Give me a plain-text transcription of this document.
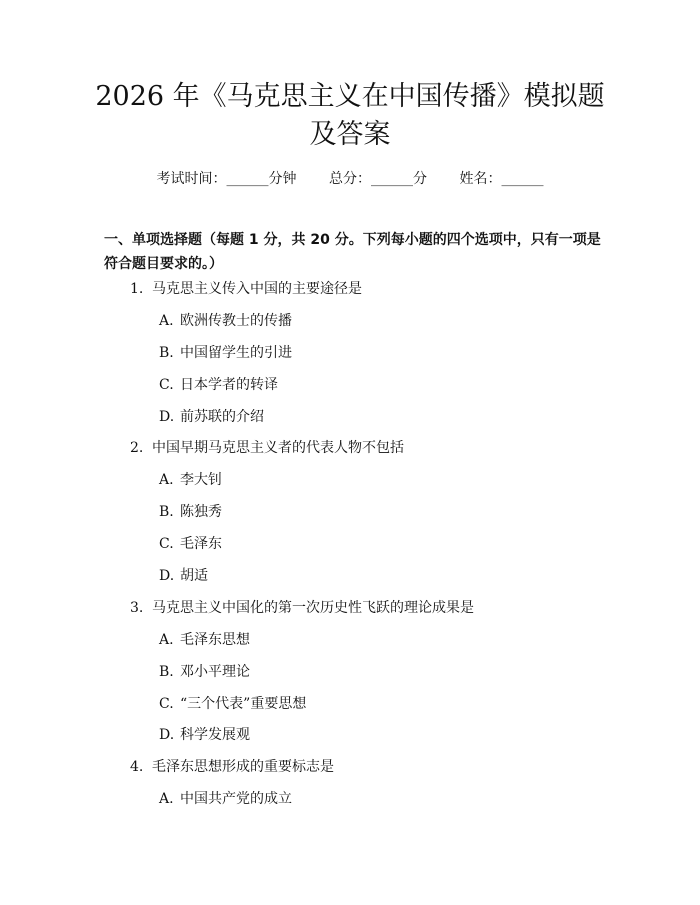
2026 年《马克思主义在中国传播》模拟题及答案
考试时间：______分钟 总分：______分 姓名：______

一、单项选择题（每题 1 分，共 20 分。下列每小题的四个选项中，只有一项是符合题目要求的。）

1. 马克思主义传入中国的主要途径是
A. 欧洲传教士的传播
B. 中国留学生的引进
C. 日本学者的转译
D. 前苏联的介绍
2. 中国早期马克思主义者的代表人物不包括
A. 李大钊
B. 陈独秀
C. 毛泽东
D. 胡适
3. 马克思主义中国化的第一次历史性飞跃的理论成果是
A. 毛泽东思想
B. 邓小平理论
C. “三个代表”重要思想
D. 科学发展观
4. 毛泽东思想形成的重要标志是
A. 中国共产党的成立
